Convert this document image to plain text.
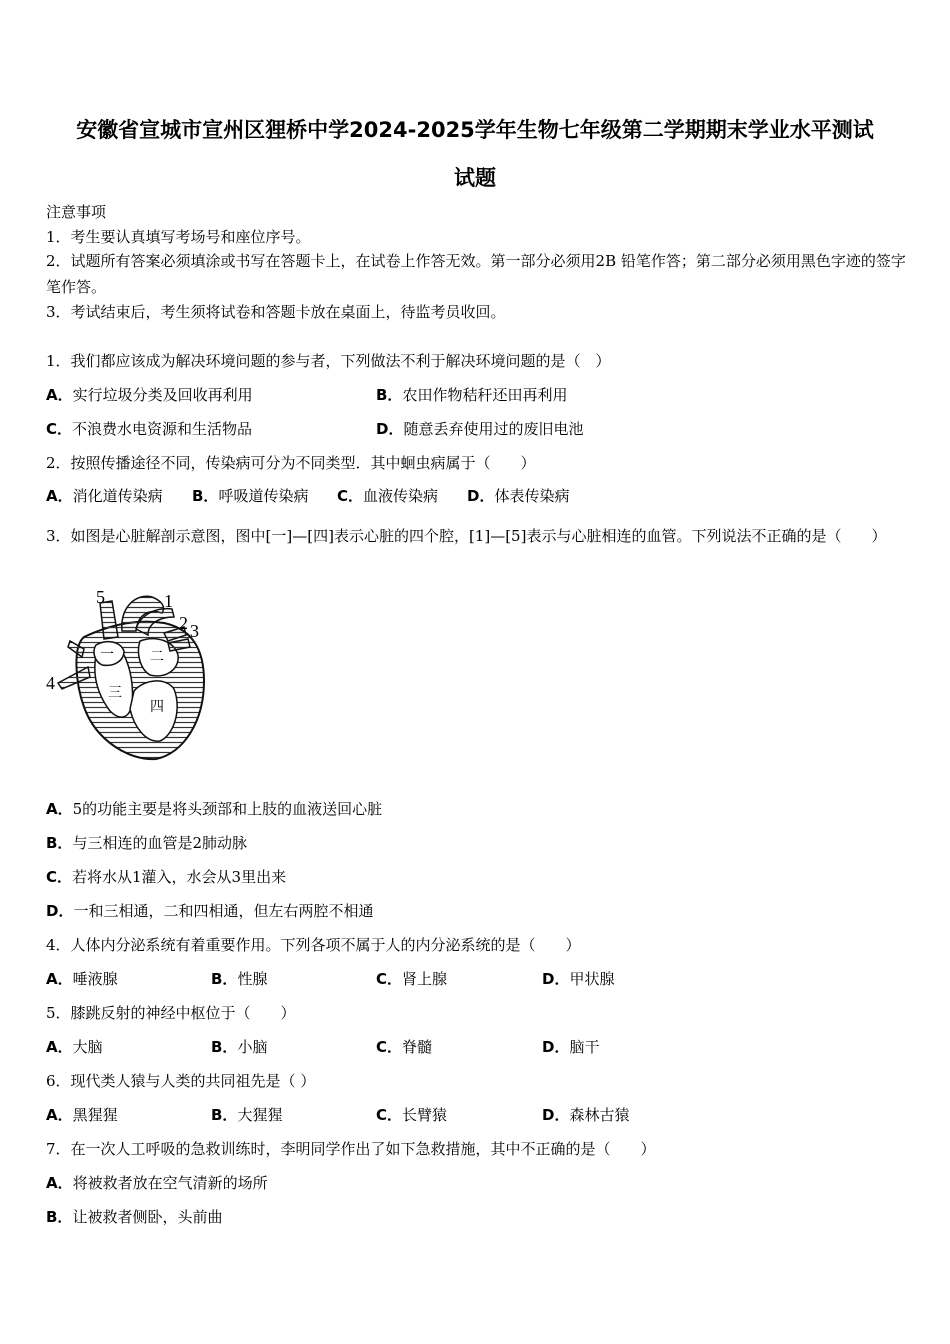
安徽省宣城市宣州区狸桥中学2024-2025学年生物七年级第二学期期末学业水平测试
试题
注意事项
1．考生要认真填写考场号和座位序号。
2．试题所有答案必须填涂或书写在答题卡上，在试卷上作答无效。第一部分必须用2B 铅笔作答；第二部分必须用黑色字迹的签字笔作答。
3．考试结束后，考生须将试卷和答题卡放在桌面上，待监考员收回。
1．我们都应该成为解决环境问题的参与者，下列做法不利于解决环境问题的是（　）
A．实行垃圾分类及回收再利用	B．农田作物秸秆还田再利用
C．不浪费水电资源和生活物品	D．随意丢弃使用过的废旧电池
2．按照传播途径不同，传染病可分为不同类型．其中蛔虫病属于（　　）
A．消化道传染病 B．呼吸道传染病 C．血液传染病 D．体表传染病
3．如图是心脏解剖示意图，图中[一]—[四]表示心脏的四个腔，[1]—[5]表示与心脏相连的血管。下列说法不正确的是（　　）
5	1
2 3
4
一	二
三
四
A．5的功能主要是将头颈部和上肢的血液送回心脏
B．与三相连的血管是2肺动脉
C．若将水从1灌入，水会从3里出来
D．一和三相通，二和四相通，但左右两腔不相通
4．人体内分泌系统有着重要作用。下列各项不属于人的内分泌系统的是（　　）
A．唾液腺	B．性腺	C．肾上腺	D．甲状腺
5．膝跳反射的神经中枢位于（　　）
A．大脑	B．小脑	C．脊髓	D．脑干
6．现代类人猿与人类的共同祖先是（ ）
A．黑猩猩	B．大猩猩	C．长臂猿	D．森林古猿
7．在一次人工呼吸的急救训练时，李明同学作出了如下急救措施，其中不正确的是（　　）
A．将被救者放在空气清新的场所
B．让被救者侧卧，头前曲
